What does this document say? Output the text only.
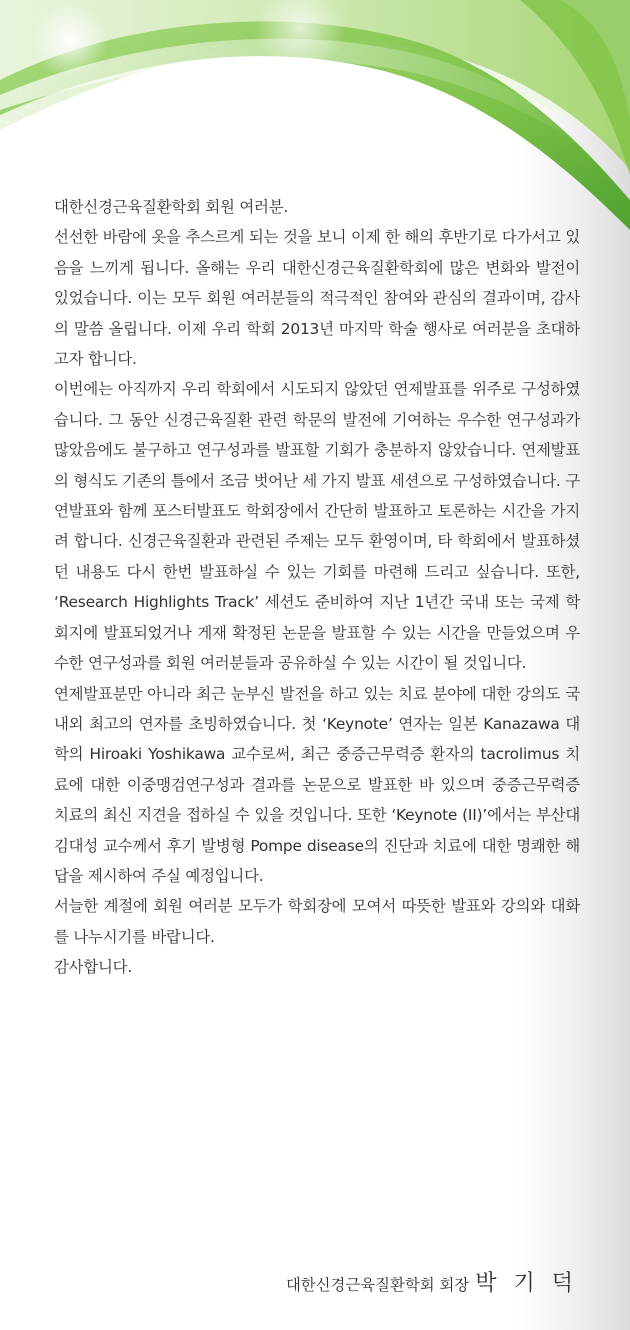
대한신경근육질환학회 회원 여러분.

선선한 바람에 옷을 추스르게 되는 것을 보니 이제 한 해의 후반기로 다가서고 있음을 느끼게 됩니다. 올해는 우리 대한신경근육질환학회에 많은 변화와 발전이 있었습니다. 이는 모두 회원 여러분들의 적극적인 참여와 관심의 결과이며, 감사의 말씀 올립니다. 이제 우리 학회 2013년 마지막 학술 행사로 여러분을 초대하고자 합니다.

이번에는 아직까지 우리 학회에서 시도되지 않았던 연제발표를 위주로 구성하였습니다. 그 동안 신경근육질환 관련 학문의 발전에 기여하는 우수한 연구성과가 많았음에도 불구하고 연구성과를 발표할 기회가 충분하지 않았습니다. 연제발표의 형식도 기존의 틀에서 조금 벗어난 세 가지 발표 세션으로 구성하였습니다. 구연발표와 함께 포스터발표도 학회장에서 간단히 발표하고 토론하는 시간을 가지려 합니다. 신경근육질환과 관련된 주제는 모두 환영이며, 타 학회에서 발표하셨던 내용도 다시 한번 발표하실 수 있는 기회를 마련해 드리고 싶습니다. 또한, ‘Research Highlights Track’ 세션도 준비하여 지난 1년간 국내 또는 국제 학회지에 발표되었거나 게재 확정된 논문을 발표할 수 있는 시간을 만들었으며 우수한 연구성과를 회원 여러분들과 공유하실 수 있는 시간이 될 것입니다.

연제발표분만 아니라 최근 눈부신 발전을 하고 있는 치료 분야에 대한 강의도 국내외 최고의 연자를 초빙하였습니다. 첫 ‘Keynote’ 연자는 일본 Kanazawa 대학의 Hiroaki Yoshikawa 교수로써, 최근 중증근무력증 환자의 tacrolimus 치료에 대한 이중맹검연구성과 결과를 논문으로 발표한 바 있으며 중증근무력증 치료의 최신 지견을 접하실 수 있을 것입니다. 또한 ‘Keynote (II)’에서는 부산대 김대성 교수께서 후기 발병형 Pompe disease의 진단과 치료에 대한 명쾌한 해답을 제시하여 주실 예정입니다.

서늘한 계절에 회원 여러분 모두가 학회장에 모여서 따뜻한 발표와 강의와 대화를 나누시기를 바랍니다.

감사합니다.

대한신경근육질환학회 회장 박 기 덕
